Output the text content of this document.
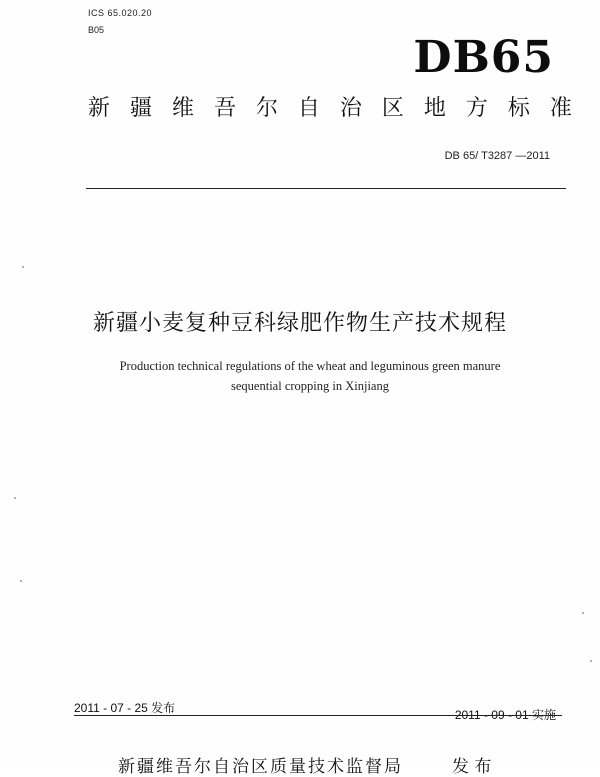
ICS 65.020.20
B05
DB65
新 疆 维 吾 尔 自 治 区 地 方 标 准
DB 65/ T3287 —2011
新疆小麦复种豆科绿肥作物生产技术规程
Production technical regulations of the wheat and leguminous green manure
sequential cropping in Xinjiang
2011 - 07 - 25 发布	2011 - 09 - 01 实施
新疆维吾尔自治区质量技术监督局	发 布
